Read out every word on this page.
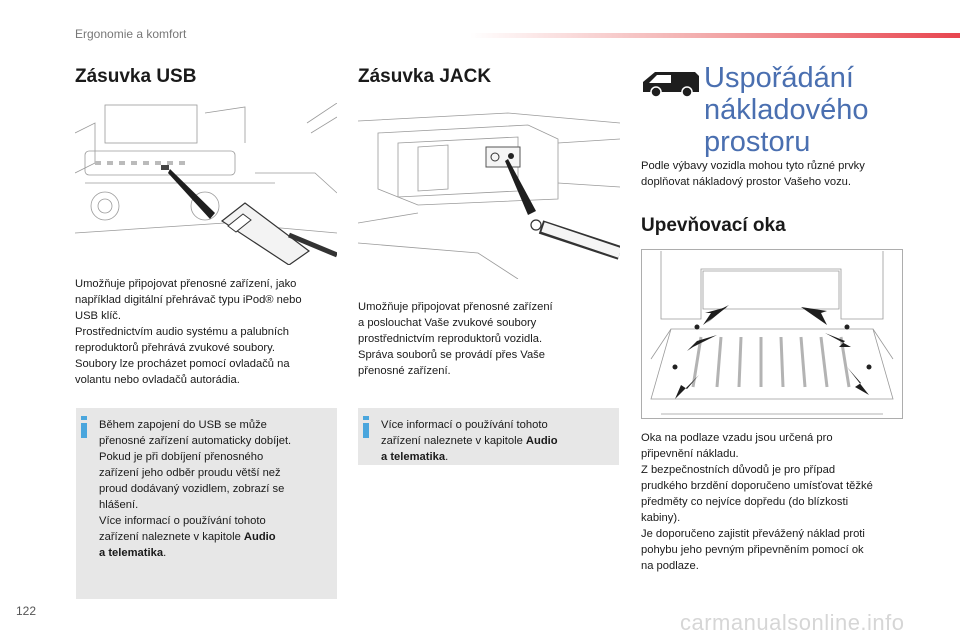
Ergonomie a komfort
Zásuvka USB
Umožňuje připojovat přenosné zařízení, jako
například digitální přehrávač typu iPod® nebo
USB klíč.
Prostřednictvím audio systému a palubních
reproduktorů přehrává zvukové soubory.
Soubory lze procházet pomocí ovladačů na
volantu nebo ovladačů autorádia.
Během zapojení do USB se může
přenosné zařízení automaticky dobíjet.
Pokud je při dobíjení přenosného
zařízení jeho odběr proudu větší než
proud dodávaný vozidlem, zobrazí se
hlášení.
Více informací o používání tohoto
zařízení naleznete v kapitole Audio
a telematika.
Zásuvka JACK
Umožňuje připojovat přenosné zařízení
a poslouchat Vaše zvukové soubory
prostřednictvím reproduktorů vozidla.
Správa souborů se provádí přes Vaše
přenosné zařízení.
Více informací o používání tohoto
zařízení naleznete v kapitole Audio
a telematika.
Uspořádání
nákladového
prostoru
Podle výbavy vozidla mohou tyto různé prvky
doplňovat nákladový prostor Vašeho vozu.
Upevňovací oka
Oka na podlaze vzadu jsou určená pro
připevnění nákladu.
Z bezpečnostních důvodů je pro případ
prudkého brzdění doporučeno umísťovat těžké
předměty co nejvíce dopředu (do blízkosti
kabiny).
Je doporučeno zajistit převážený náklad proti
pohybu jeho pevným připevněním pomocí ok
na podlaze.
122	carmanualsonline.info
